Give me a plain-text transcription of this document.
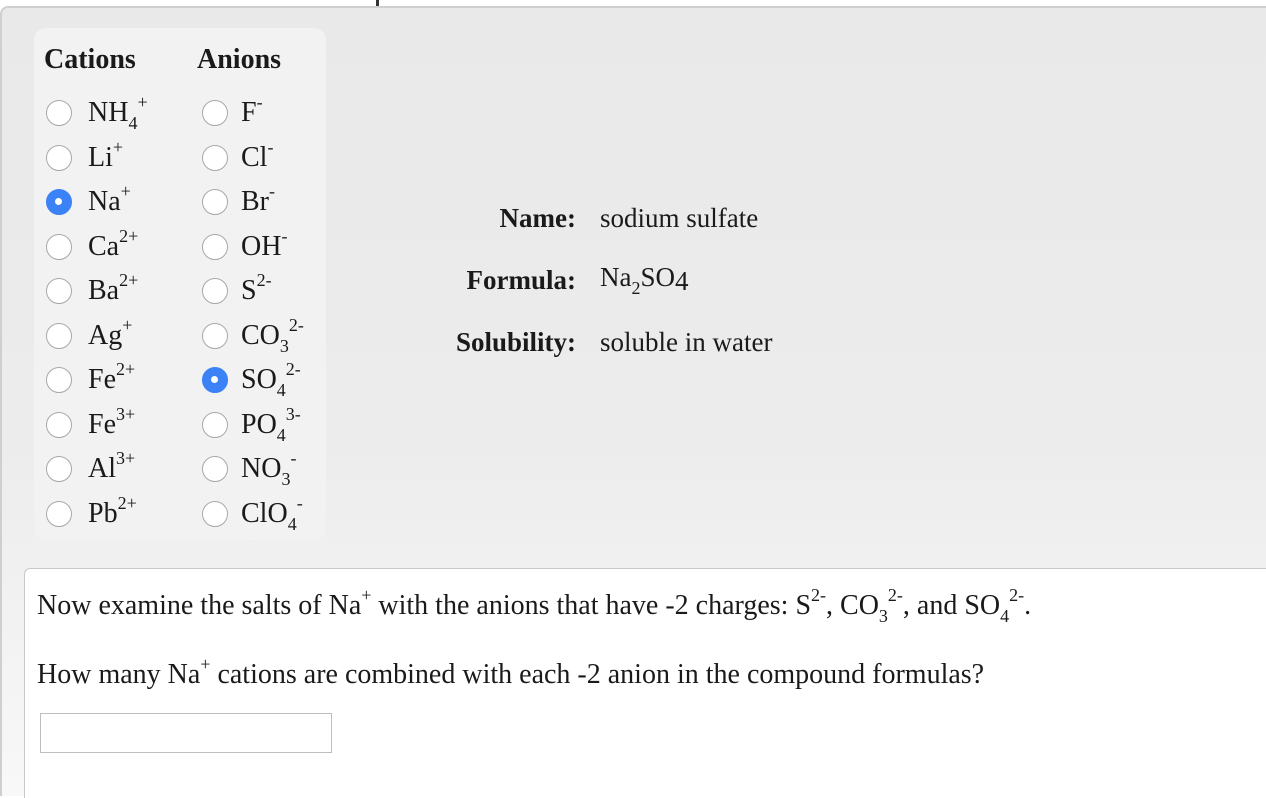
Cations Anions
$NH_4^+$
Li+
Na+
$Ca^{2+}$
$Ba^{2+}$
Ag+
$Fe^{2+}$
$Fe^{3+}$
$Al^{3+}$
$Pb^{2+}$
F-
Cl-
Br-
OH-
$S^{2-}$
$CO_3^{2-}$
$SO_4^{2-}$
$PO_4^{3-}$
$NO_3^-$
ClO$_4$-
Name: sodium sulfate
Formula: $Na_2SO4$
Solubility: soluble in water
Now examine the salts of Na+ with the anions that have -2 charges: $S^{2-}$, $CO_3^{2-}$, and $SO_4^{2-}$.
How many Na+ cations are combined with each -2 anion in the compound formulas?
